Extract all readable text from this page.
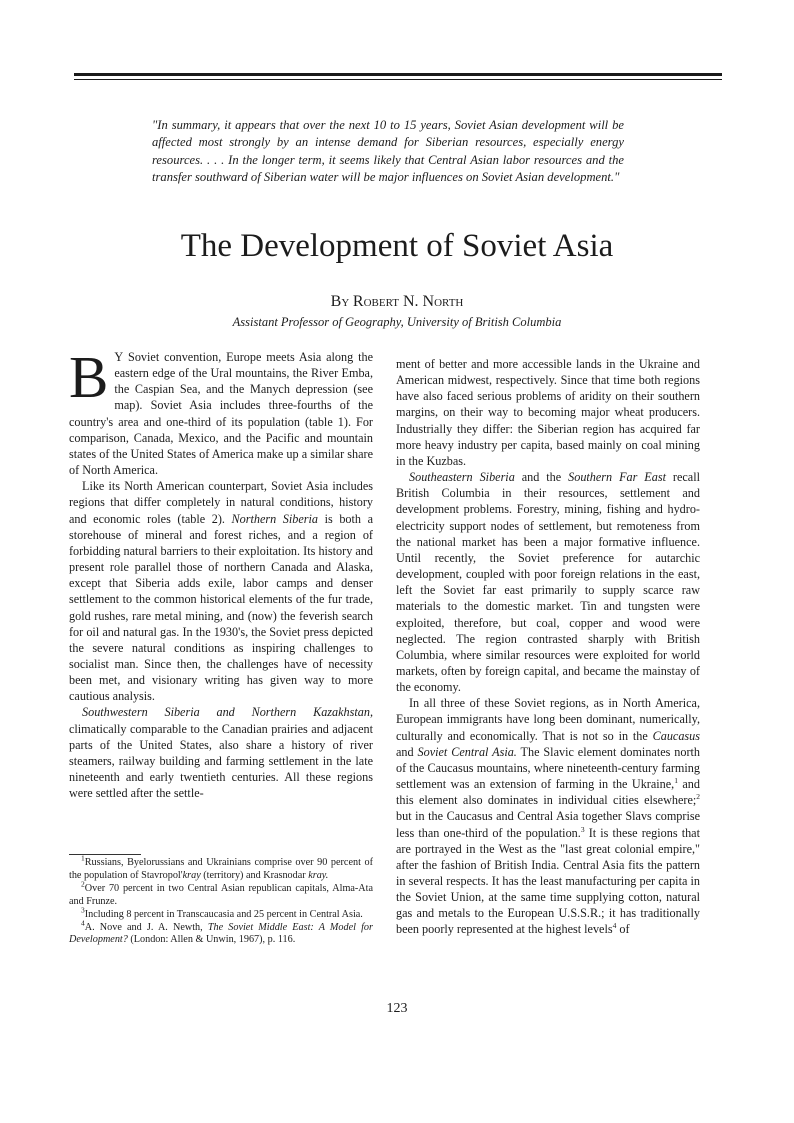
"In summary, it appears that over the next 10 to 15 years, Soviet Asian development will be affected most strongly by an intense demand for Siberian resources, especially energy resources. . . . In the longer term, it seems likely that Central Asian labor resources and the transfer southward of Siberian water will be major influences on Soviet Asian development."

The Development of Soviet Asia

By Robert N. North

Assistant Professor of Geography, University of British Columbia

B Y Soviet convention, Europe meets Asia along the eastern edge of the Ural mountains, the River Emba, the Caspian Sea, and the Manych depression (see map). Soviet Asia includes three-fourths of the country's area and one-third of its population (table 1). For comparison, Canada, Mexico, and the Pacific and mountain states of the United States of America make up a similar share of North America.

Like its North American counterpart, Soviet Asia includes regions that differ completely in natural conditions, history and economic roles (table 2). Northern Siberia is both a storehouse of mineral and forest riches, and a region of forbidding natural barriers to their exploitation. Its history and present role parallel those of northern Canada and Alaska, except that Siberia adds exile, labor camps and denser settlement to the common historical elements of the fur trade, gold rushes, rare metal mining, and (now) the feverish search for oil and natural gas. In the 1930's, the Soviet press depicted the severe natural conditions as inspiring challenges to socialist man. Since then, the challenges have of necessity been met, and visionary writing has given way to more cautious analysis.

Southwestern Siberia and Northern Kazakhstan, climatically comparable to the Canadian prairies and adjacent parts of the United States, also share a history of river steamers, railway building and farming settlement in the late nineteenth and early twentieth centuries. All these regions were settled after the settle-

ment of better and more accessible lands in the Ukraine and American midwest, respectively. Since that time both regions have also faced serious problems of aridity on their southern margins, on their way to becoming major wheat producers. Industrially they differ: the Siberian region has acquired far more heavy industry per capita, based mainly on coal mining in the Kuzbas.

Southeastern Siberia and the Southern Far East recall British Columbia in their resources, settlement and development problems. Forestry, mining, fishing and hydro-electricity support nodes of settlement, but remoteness from the national market has been a major formative influence. Until recently, the Soviet preference for autarchic development, coupled with poor foreign relations in the east, left the Soviet far east primarily to supply scarce raw materials to the domestic market. Tin and tungsten were exploited, therefore, but coal, copper and wood were neglected. The region contrasted sharply with British Columbia, where similar resources were exploited for world markets, often by foreign capital, and became the mainstay of the economy.

In all three of these Soviet regions, as in North America, European immigrants have long been dominant, numerically, culturally and economically. That is not so in the Caucasus and Soviet Central Asia. The Slavic element dominates north of the Caucasus mountains, where nineteenth-century farming settlement was an extension of farming in the Ukraine,$^1$ and this element also dominates in individual cities elsewhere;$^2$ but in the Caucasus and Central Asia together Slavs comprise less than one-third of the population.$^3$ It is these regions that are portrayed in the West as the "last great colonial empire," after the fashion of British India. Central Asia fits the pattern in several respects. It has the least manufacturing per capita in the Soviet Union, at the same time supplying cotton, natural gas and metals to the European U.S.S.R.; it has traditionally been poorly represented at the highest levels$^4$ of

$^1$Russians, Byelorussians and Ukrainians comprise over 90 percent of the population of Stavropol'kray (territory) and Krasnodar kray.

$^2$Over 70 percent in two Central Asian republican capitals, Alma-Ata and Frunze.

$^3$Including 8 percent in Transcaucasia and 25 percent in Central Asia.

$^4$A. Nove and J. A. Newth, The Soviet Middle East: A Model for Development? (London: Allen & Unwin, 1967), p. 116.

123
